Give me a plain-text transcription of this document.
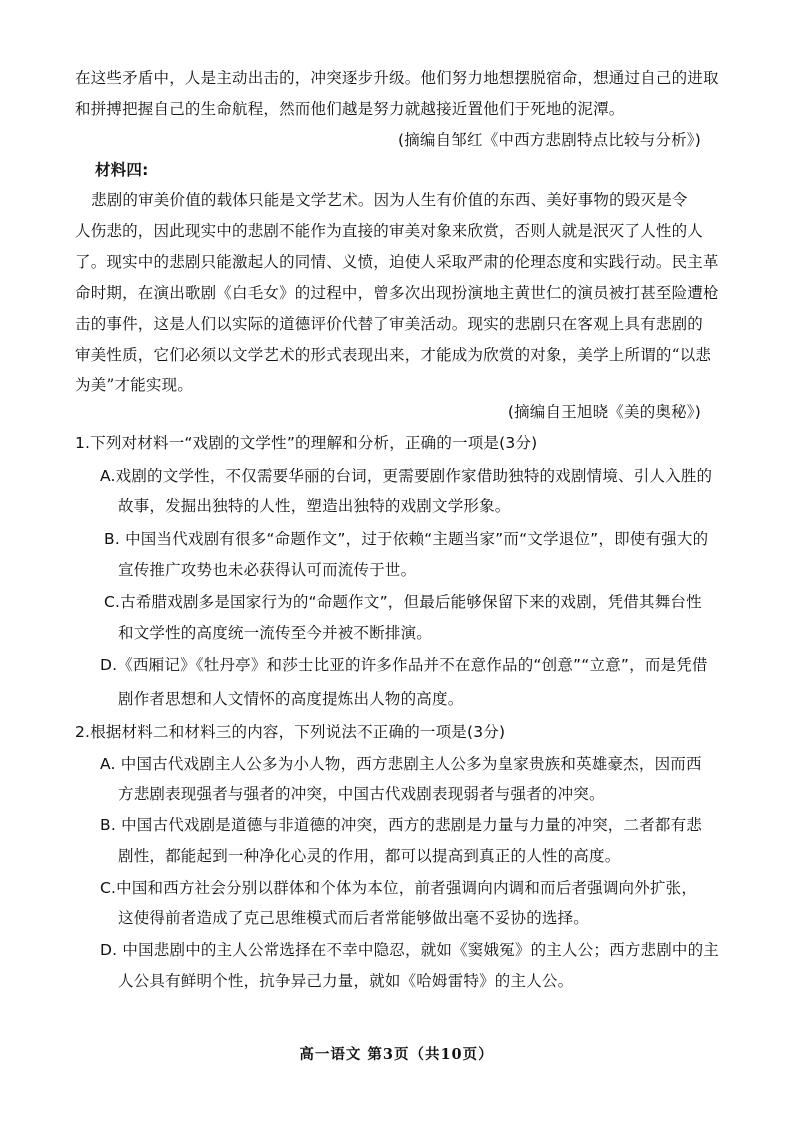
在这些矛盾中，人是主动出击的，冲突逐步升级。他们努力地想摆脱宿命，想通过自己的进取
和拼搏把握自己的生命航程，然而他们越是努力就越接近置他们于死地的泥潭。
(摘编自邹红《中西方悲剧特点比较与分析》)
材料四:
悲剧的审美价值的载体只能是文学艺术。因为人生有价值的东西、美好事物的毁灭是令
人伤悲的，因此现实中的悲剧不能作为直接的审美对象来欣赏，否则人就是泯灭了人性的人
了。现实中的悲剧只能激起人的同情、义愤，迫使人采取严肃的伦理态度和实践行动。民主革
命时期，在演出歌剧《白毛女》的过程中，曾多次出现扮演地主黄世仁的演员被打甚至险遭枪
击的事件，这是人们以实际的道德评价代替了审美活动。现实的悲剧只在客观上具有悲剧的
审美性质，它们必须以文学艺术的形式表现出来，才能成为欣赏的对象，美学上所谓的“以悲
为美”才能实现。
(摘编自王旭晓《美的奥秘》)
1.下列对材料一“戏剧的文学性”的理解和分析，正确的一项是(3分)
A.戏剧的文学性，不仅需要华丽的台词，更需要剧作家借助独特的戏剧情境、引人入胜的
故事，发掘出独特的人性，塑造出独特的戏剧文学形象。
B. 中国当代戏剧有很多“命题作文”，过于依赖“主题当家”而“文学退位”，即使有强大的
宣传推广攻势也未必获得认可而流传于世。
C.古希腊戏剧多是国家行为的“命题作文”，但最后能够保留下来的戏剧，凭借其舞台性
和文学性的高度统一流传至今并被不断排演。
D.《西厢记》《牡丹亭》和莎士比亚的许多作品并不在意作品的“创意”“立意”，而是凭借
剧作者思想和人文情怀的高度提炼出人物的高度。
2.根据材料二和材料三的内容，下列说法不正确的一项是(3分)
A. 中国古代戏剧主人公多为小人物，西方悲剧主人公多为皇家贵族和英雄豪杰，因而西
方悲剧表现强者与强者的冲突，中国古代戏剧表现弱者与强者的冲突。
B. 中国古代戏剧是道德与非道德的冲突，西方的悲剧是力量与力量的冲突，二者都有悲
剧性，都能起到一种净化心灵的作用，都可以提高到真正的人性的高度。
C.中国和西方社会分别以群体和个体为本位，前者强调向内调和而后者强调向外扩张，
这使得前者造成了克己思维模式而后者常能够做出毫不妥协的选择。
D. 中国悲剧中的主人公常选择在不幸中隐忍，就如《窦娥冤》的主人公；西方悲剧中的主
人公具有鲜明个性，抗争异己力量，就如《哈姆雷特》的主人公。
高一语文 第3页（共10页）
